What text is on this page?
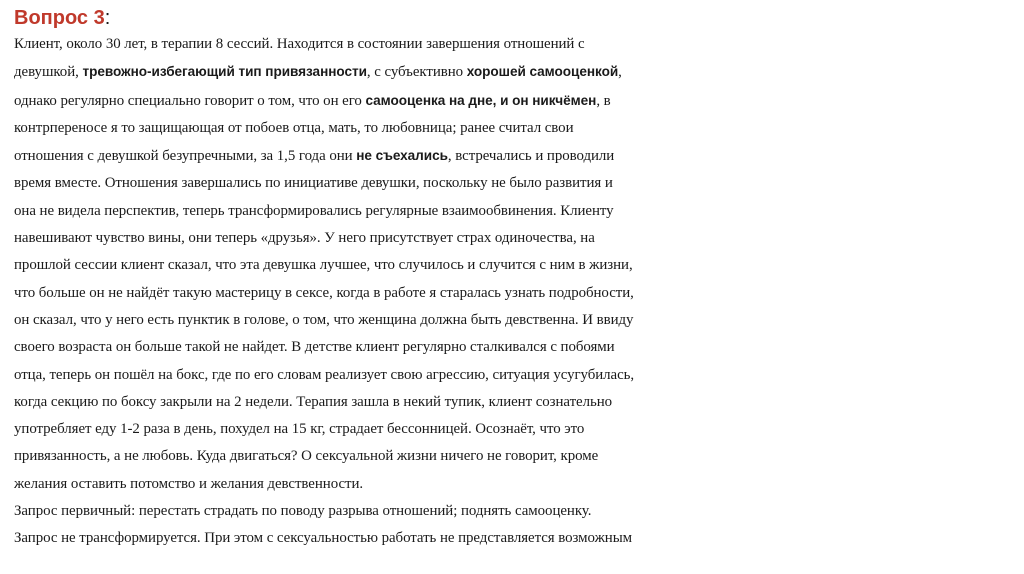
Вопрос 3:
Клиент, около 30 лет, в терапии 8 сессий. Находится в состоянии завершения отношений с
девушкой, тревожно-избегающий тип привязанности, с субъективно хорошей самооценкой,
однако регулярно специально говорит о том, что он его самооценка на дне, и он никчёмен, в
контрпереносе я то защищающая от побоев отца, мать, то любовница; ранее считал свои
отношения с девушкой безупречными, за 1,5 года они не съехались, встречались и проводили
время вместе. Отношения завершались по инициативе девушки, поскольку не было развития и
она не видела перспектив, теперь трансформировались регулярные взаимообвинения. Клиенту
навешивают чувство вины, они теперь «друзья». У него присутствует страх одиночества, на
прошлой сессии клиент сказал, что эта девушка лучшее, что случилось и случится с ним в жизни,
что больше он не найдёт такую мастерицу в сексе, когда в работе я старалась узнать подробности,
он сказал, что у него есть пунктик в голове, о том, что женщина должна быть девственна. И ввиду
своего возраста он больше такой не найдет. В детстве клиент регулярно сталкивался с побоями
отца, теперь он пошёл на бокс, где по его словам реализует свою агрессию, ситуация усугубилась,
когда секцию по боксу закрыли на 2 недели. Терапия зашла в некий тупик, клиент сознательно
употребляет еду 1-2 раза в день, похудел на 15 кг, страдает бессонницей. Осознаёт, что это
привязанность, а не любовь. Куда двигаться? О сексуальной жизни ничего не говорит, кроме
желания оставить потомство и желания девственности.
Запрос первичный: перестать страдать по поводу разрыва отношений; поднять самооценку.
Запрос не трансформируется. При этом с сексуальностью работать не представляется возможным
